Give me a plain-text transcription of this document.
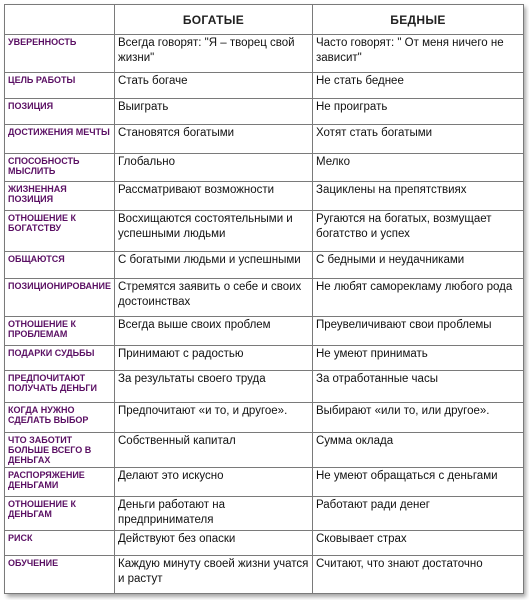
	БОГАТЫЕ	БЕДНЫЕ
УВЕРЕННОСТЬ	Всегда говорят: "Я – творец свой жизни"	Часто говорят: " От меня ничего не зависит"
ЦЕЛЬ РАБОТЫ	Стать богаче	Не стать беднее
ПОЗИЦИЯ	Выиграть	Не проиграть
ДОСТИЖЕНИЯ МЕЧТЫ	Становятся богатыми	Хотят стать богатыми
СПОСОБНОСТЬ МЫСЛИТЬ	Глобально	Мелко
ЖИЗНЕННАЯ ПОЗИЦИЯ	Рассматривают возможности	Зациклены на препятствиях
ОТНОШЕНИЕ К БОГАТСТВУ	Восхищаются состоятельными и успешными людьми	Ругаются на богатых, возмущает богатство и успех
ОБЩАЮТСЯ	С богатыми людьми и успешными	С бедными и неудачниками
ПОЗИЦИОНИРОВАНИЕ	Стремятся заявить о себе и своих достоинствах	Не любят саморекламу любого рода
ОТНОШЕНИЕ К ПРОБЛЕМАМ	Всегда выше своих проблем	Преувеличивают свои проблемы
ПОДАРКИ СУДЬБЫ	Принимают с радостью	Не умеют принимать
ПРЕДПОЧИТАЮТ ПОЛУЧАТЬ ДЕНЬГИ	За результаты своего труда	За отработанные часы
КОГДА НУЖНО СДЕЛАТЬ ВЫБОР	Предпочитают «и то, и другое».	Выбирают «или то, или другое».
ЧТО ЗАБОТИТ БОЛЬШЕ ВСЕГО В ДЕНЬГАХ	Собственный капитал	Сумма оклада
РАСПОРЯЖЕНИЕ ДЕНЬГАМИ	Делают это искусно	Не умеют обращаться с деньгами
ОТНОШЕНИЕ К ДЕНЬГАМ	Деньги работают на предпринимателя	Работают ради денег
РИСК	Действуют без опаски	Сковывает страх
ОБУЧЕНИЕ	Каждую минуту своей жизни учатся и растут	Считают, что знают достаточно
